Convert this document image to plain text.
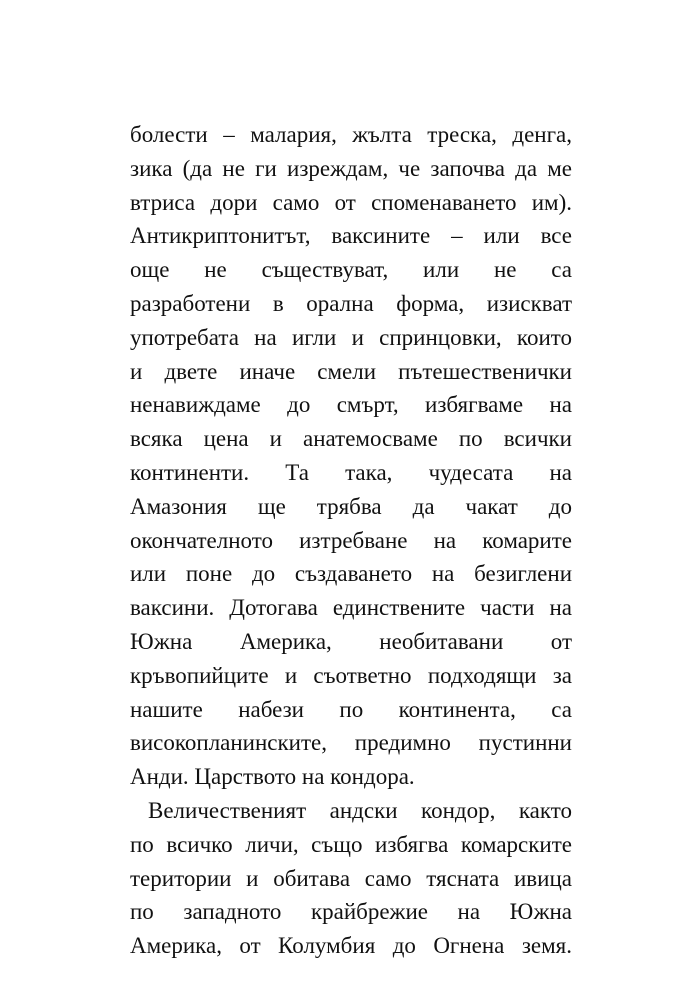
болести – малария, жълта треска, денга,
зика (да не ги изреждам, че започва да ме
втриса дори само от споменаването им).
Антикриптонитът, ваксините – или все
още не съществуват, или не са
разработени в орална форма, изискват
употребата на игли и спринцовки, които
и двете иначе смели пътешественички
ненавиждаме до смърт, избягваме на
всяка цена и анатемосваме по всички
континенти. Та така, чудесата на
Амазония ще трябва да чакат до
окончателното изтребване на комарите
или поне до създаването на безиглени
ваксини. Дотогава единствените части на
Южна Америка, необитавани от
кръвопийците и съответно подходящи за
нашите набези по континента, са
високопланинските, предимно пустинни
Анди. Царството на кондора.
Величественият андски кондор, както
по всичко личи, също избягва комарските
територии и обитава само тясната ивица
по западното крайбрежие на Южна
Америка, от Колумбия до Огнена земя.
